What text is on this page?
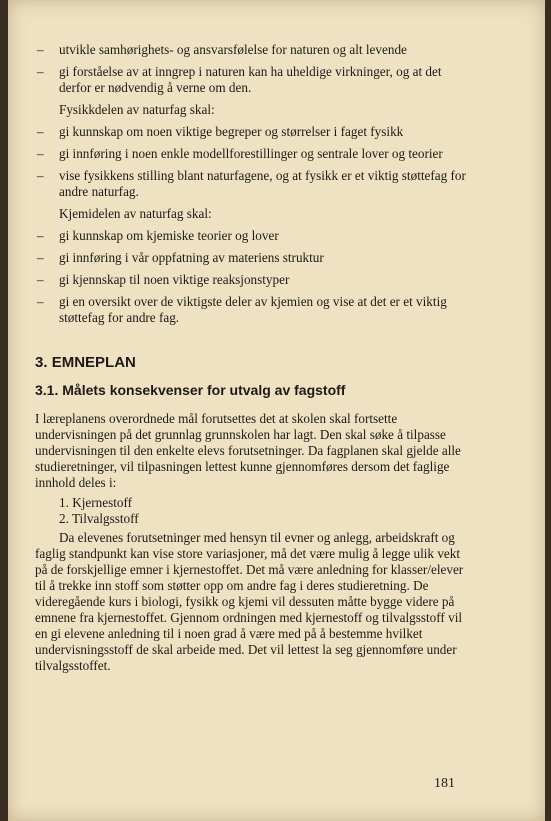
– utvikle samhørighets- og ansvarsfølelse for naturen og alt levende
– gi forståelse av at inngrep i naturen kan ha uheldige virkninger, og at det derfor er nødvendig å verne om den.
Fysikkdelen av naturfag skal:
– gi kunnskap om noen viktige begreper og størrelser i faget fysikk
– gi innføring i noen enkle modellforestillinger og sentrale lover og teorier
– vise fysikkens stilling blant naturfagene, og at fysikk er et viktig støttefag for andre naturfag.
Kjemidelen av naturfag skal:
– gi kunnskap om kjemiske teorier og lover
– gi innføring i vår oppfatning av materiens struktur
– gi kjennskap til noen viktige reaksjonstyper
– gi en oversikt over de viktigste deler av kjemien og vise at det er et viktig støttefag for andre fag.
3. EMNEPLAN
3.1. Målets konsekvenser for utvalg av fagstoff

I læreplanens overordnede mål forutsettes det at skolen skal fortsette undervisningen på det grunnlag grunnskolen har lagt. Den skal søke å tilpasse undervisningen til den enkelte elevs forutsetninger. Da fagplanen skal gjelde alle studieretninger, vil tilpasningen lettest kunne gjennomføres dersom det faglige innhold deles i:

1. Kjernestoff
2. Tilvalgsstoff

Da elevenes forutsetninger med hensyn til evner og anlegg, arbeidskraft og faglig standpunkt kan vise store variasjoner, må det være mulig å legge ulik vekt på de forskjellige emner i kjernestoffet. Det må være anledning for klasser/elever til å trekke inn stoff som støtter opp om andre fag i deres studieretning. De videregående kurs i biologi, fysikk og kjemi vil dessuten måtte bygge videre på emnene fra kjernestoffet. Gjennom ordningen med kjernestoff og tilvalgsstoff vil en gi elevene anledning til i noen grad å være med på å bestemme hvilket undervisningsstoff de skal arbeide med. Det vil lettest la seg gjennomføre under tilvalgsstoffet.

181
